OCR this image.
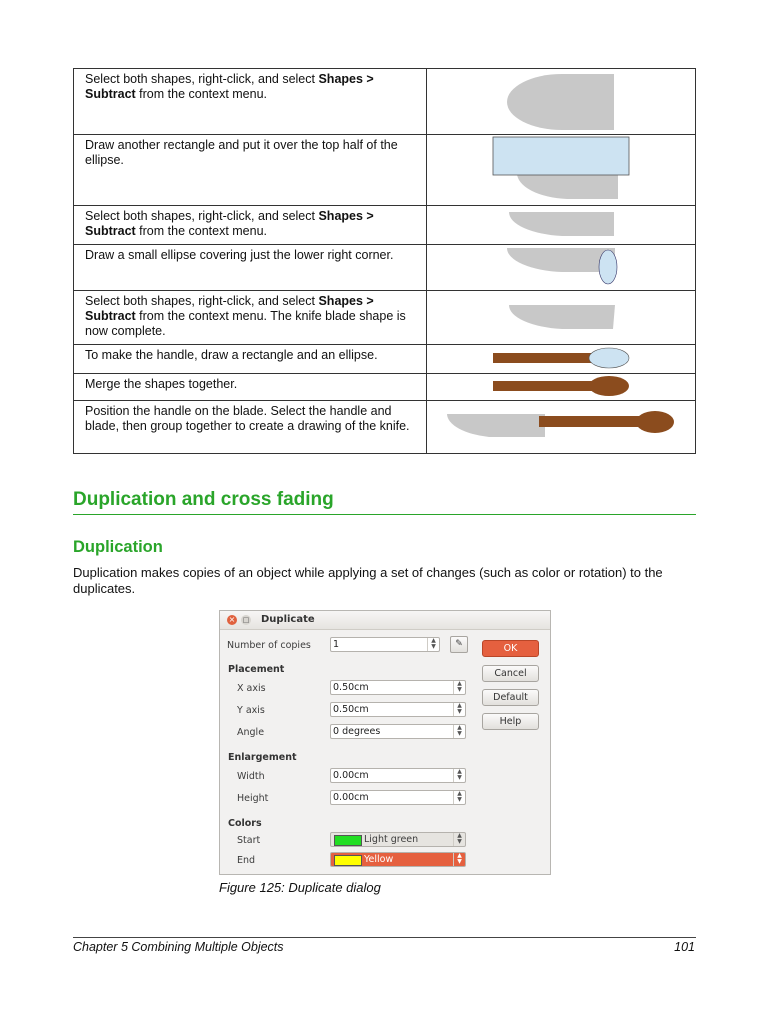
Select both shapes, right-click, and select Shapes > Subtract from the context menu.	

Draw another rectangle and put it over the top half of the ellipse.	

Select both shapes, right-click, and select Shapes > Subtract from the context menu.	

Draw a small ellipse covering just the lower right corner.	

Select both shapes, right-click, and select Shapes > Subtract from the context menu. The knife blade shape is now complete.	

To make the handle, draw a rectangle and an ellipse.	

Merge the shapes together.	

Position the handle on the blade. Select the handle and blade, then group together to create a drawing of the knife.	
Duplication and cross fading
Duplication

Duplication makes copies of an object while applying a set of changes (such as color or rotation) to the duplicates.

× □ Duplicate
Number of copies 1	▲
▼	✎
Placement
X axis	0.50cm	▲
▼
Y axis	0.50cm	▲
▼
Angle	0 degrees	▲
▼
Enlargement
Width	0.00cm	▲
▼
Height	0.00cm	▲
▼
Colors
Start	Light green	▲
▼
End	Yellow	▲
▼
OK
Cancel
Default
Help

Figure 125: Duplicate dialog

Chapter 5 Combining Multiple Objects	101
